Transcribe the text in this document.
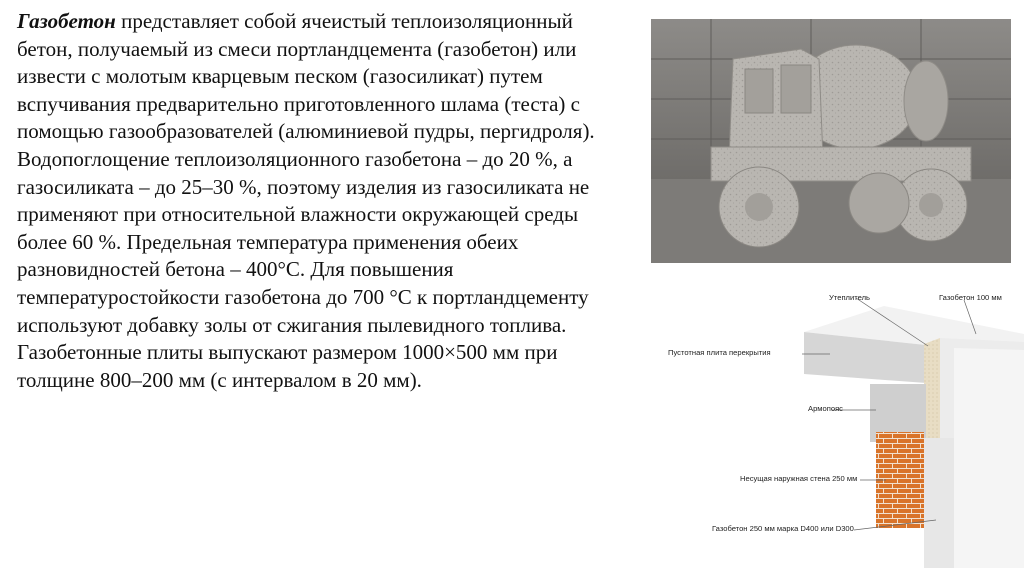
Газобетон представляет собой ячеистый теплоизоляционный бетон, получаемый из смеси портландцемента (газобетон) или извести с молотым кварцевым песком (газосиликат) путем вспучивания предварительно приготовленного шлама (теста) с помощью газообразователей (алюминиевой пудры, пергидроля). Водопоглощение теплоизоляционного газобетона – до 20 %, а газосиликата – до 25–30 %, поэтому изделия из газосиликата не применяют при относительной влажности окружающей среды более 60 %. Предельная температура применения обеих разновидностей бетона – 400°С. Для повышения температуростойкости газобетона до 700 °С к портландцементу используют добавку золы от сжигания пылевидного топлива.

Газобетонные плиты выпускают размером 1000×500 мм при толщине 800–200 мм (с интервалом в 20 мм).

Утеплитель	Газобетон 100 мм
Пустотная плита перекрытия
Армопояс
Несущая наружная стена 250 мм
Газобетон 250 мм марка D400 или D300
